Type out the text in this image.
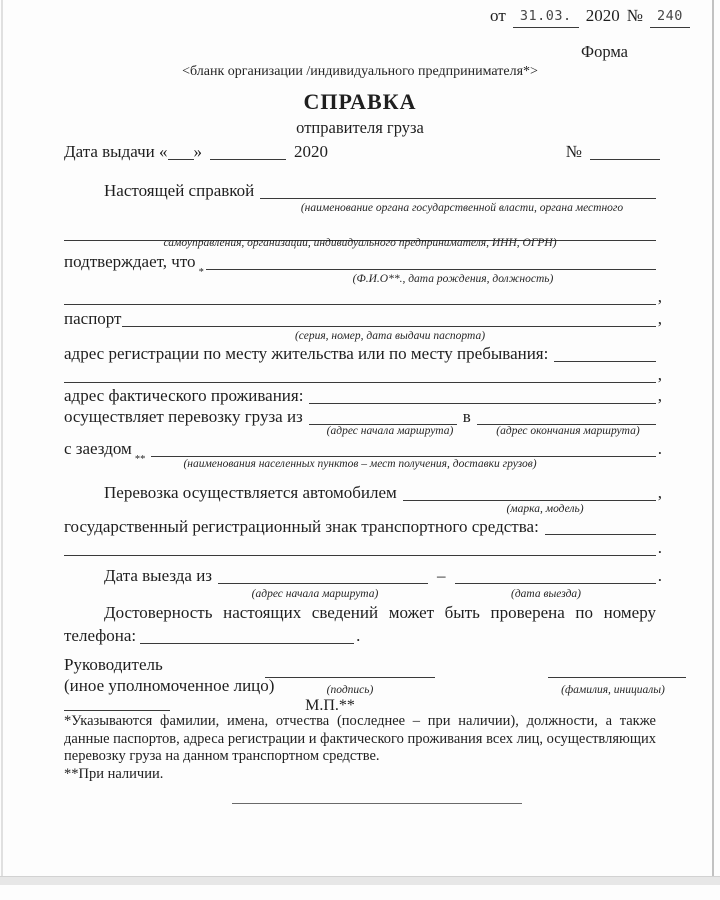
от	31.03. 2020 №	240
Форма
<бланк организации /индивидуального предпринимателя*>
СПРАВКА
отправителя груза
Дата выдачи « »	2020	№
Настоящей справкой
(наименование органа государственной власти, органа местного
самоуправления, организации, индивидуального предпринимателя, ИНН, ОГРН)
подтверждает, что
*
(Ф.И.О**., дата рождения, должность)
,
паспорт	,
(серия, номер, дата выдачи паспорта)
адрес регистрации по месту жительства или по месту пребывания:
,
адрес фактического проживания:	,
осуществляет перевозку груза из	в
(адрес начала маршрута)	(адрес окончания маршрута)
с заездом
**
.
(наименования населенных пунктов – мест получения, доставки грузов)
Перевозка осуществляется автомобилем	,
(марка, модель)
государственный регистрационный знак транспортного средства:
.
Дата выезда из	–	.
(адрес начала маршрута)	(дата выезда)
Достоверность настоящих сведений может быть проверена по номеру
телефона:	.
Руководитель
(иное уполномоченное лицо)	(подпись)	(фамилия, инициалы)
М.П.**
*Указываются фамилии, имена, отчества (последнее – при наличии), должности, а также данные паспортов, адреса регистрации и фактического проживания всех лиц, осуществляющих перевозку груза на данном транспортном средстве.
**При наличии.
